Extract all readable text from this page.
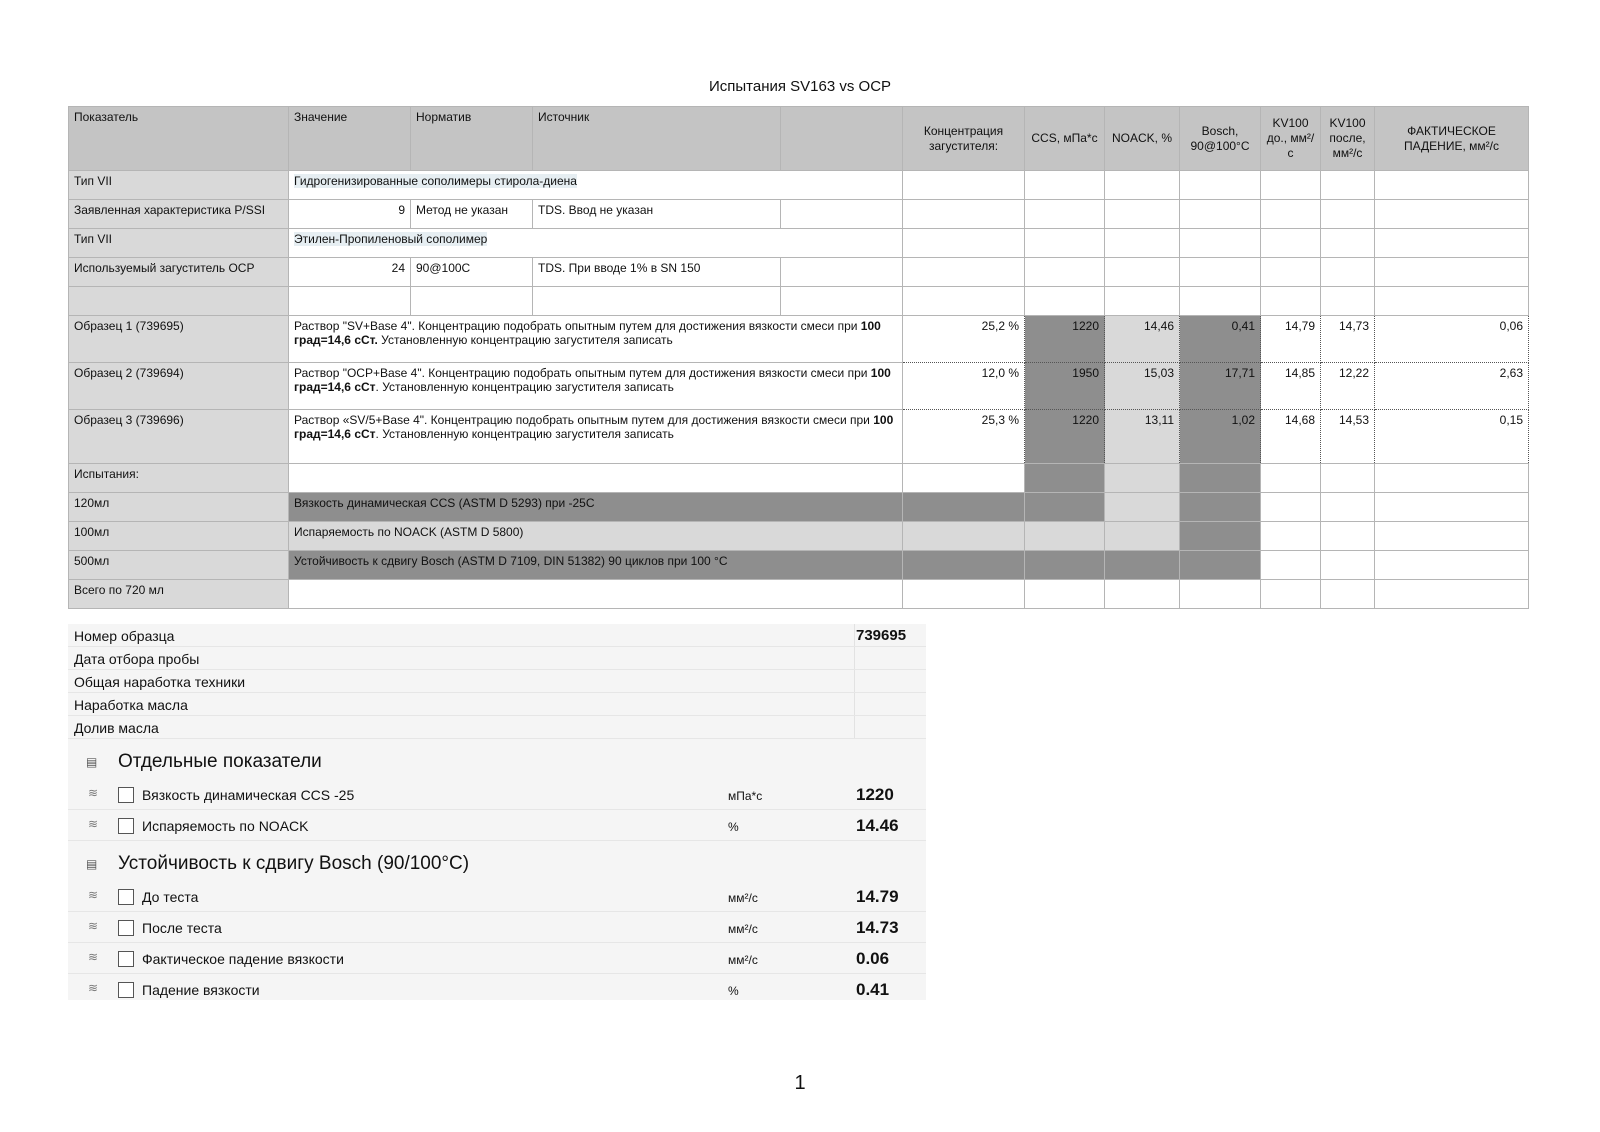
Испытания SV163 vs OCP
Показатель	Значение	Норматив	Источник		Концентрация загустителя:	CCS, мПа*с	NOACK, %	Bosch, 90@100°C	KV100 до., мм²/с	KV100 после, мм²/с	ФАКТИЧЕСКОЕ ПАДЕНИЕ, мм²/с
Тип VII	Гидрогенизированные сополимеры стирола-диена										
Заявленная характеристика P/SSI	9	Метод не указан	TDS. Ввод не указан								
Тип VII	Этилен-Пропиленовый сополимер										
Используемый загуститель OCP	24	90@100C	TDS. При вводе 1% в SN 150								

Образец 1 (739695)	Раствор "SV+Base 4". Концентрацию подобрать опытным путем для достижения вязкости смеси при 100 град=14,6 сСт. Установленную концентрацию загустителя записать				25,2 %	1220	14,46	0,41	14,79	14,73	0,06
Образец 2 (739694)	Раствор "OCP+Base 4". Концентрацию подобрать опытным путем для достижения вязкости смеси при 100 град=14,6 сСт. Установленную концентрацию загустителя записать				12,0 %	1950	15,03	17,71	14,85	12,22	2,63
Образец 3 (739696)	Раствор «SV/5+Base 4". Концентрацию подобрать опытным путем для достижения вязкости смеси при 100 град=14,6 сСт. Установленную концентрацию загустителя записать				25,3 %	1220	13,11	1,02	14,68	14,53	0,15
Испытания:											
120мл	Вязкость динамическая CCS (ASTM D 5293) при -25С										
100мл	Испаряемость по NOACK (ASTM D 5800)										
500мл	Устойчивость к сдвигу Bosch (ASTM D 7109, DIN 51382) 90 циклов при 100 °С										
Всего по 720 мл											
Номер образца	739695
Дата отбора пробы
Общая наработка техники
Наработка масла
Долив масла
▤ Отдельные показатели
≋	Вязкость динамическая CCS -25	мПа*с	1220
≋	Испаряемость по NOACK	%	14.46
▤ Устойчивость к сдвигу Bosch (90/100°C)
≋	До теста	мм²/с	14.79
≋	После теста	мм²/с	14.73
≋	Фактическое падение вязкости	мм²/с	0.06
≋	Падение вязкости	%	0.41
1
